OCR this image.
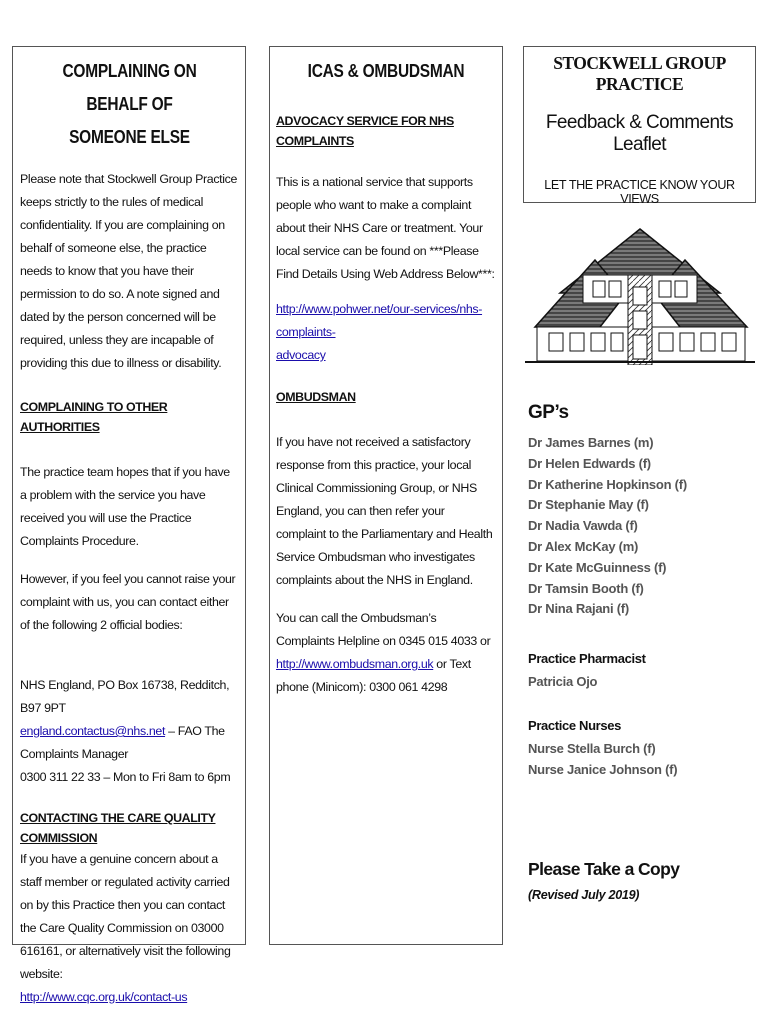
COMPLAINING ON BEHALF OF
SOMEONE ELSE

Please note that Stockwell Group Practice keeps strictly to the rules of medical confidentiality. If you are complaining on behalf of someone else, the practice needs to know that you have their permission to do so. A note signed and dated by the person concerned will be required, unless they are incapable of providing this due to illness or disability.

COMPLAINING TO OTHER AUTHORITIES

The practice team hopes that if you have a problem with the service you have received you will use the Practice Complaints Procedure.

However, if you feel you cannot raise your complaint with us, you can contact either of the following 2 official bodies:

NHS England, PO Box 16738, Redditch, B97 9PT

england.contactus@nhs.net – FAO The Complaints Manager

0300 311 22 33 – Mon to Fri 8am to 6pm

CONTACTING THE CARE QUALITY COMMISSION

If you have a genuine concern about a staff member or regulated activity carried on by this Practice then you can contact the Care Quality Commission on 03000 616161, or alternatively visit the following website:

http://www.cqc.org.uk/contact-us

ICAS & OMBUDSMAN

ADVOCACY SERVICE FOR NHS COMPLAINTS

This is a national service that supports people who want to make a complaint about their NHS Care or treatment. Your local service can be found on ***Please Find Details Using Web Address Below***:

http://www.pohwer.net/our-services/nhs-complaints-
advocacy

OMBUDSMAN

If you have not received a satisfactory response from this practice, your local Clinical Commissioning Group, or NHS England, you can then refer your complaint to the Parliamentary and Health Service Ombudsman who investigates complaints about the NHS in England.

You can call the Ombudsman’s Complaints Helpline on 0345 015 4033 or http://www.ombudsman.org.uk or Text phone (Minicom): 0300 061 4298

STOCKWELL GROUP PRACTICE
Feedback & Comments Leaflet
LET THE PRACTICE KNOW YOUR VIEWS
GP’s
Dr James Barnes (m)
Dr Helen Edwards (f)
Dr Katherine Hopkinson (f)
Dr Stephanie May (f)
Dr Nadia Vawda (f)
Dr Alex McKay (m)
Dr Kate McGuinness (f)
Dr Tamsin Booth (f)
Dr Nina Rajani (f)
Practice Pharmacist
Patricia Ojo
Practice Nurses
Nurse Stella Burch (f)
Nurse Janice Johnson (f)
Please Take a Copy
(Revised July 2019)
